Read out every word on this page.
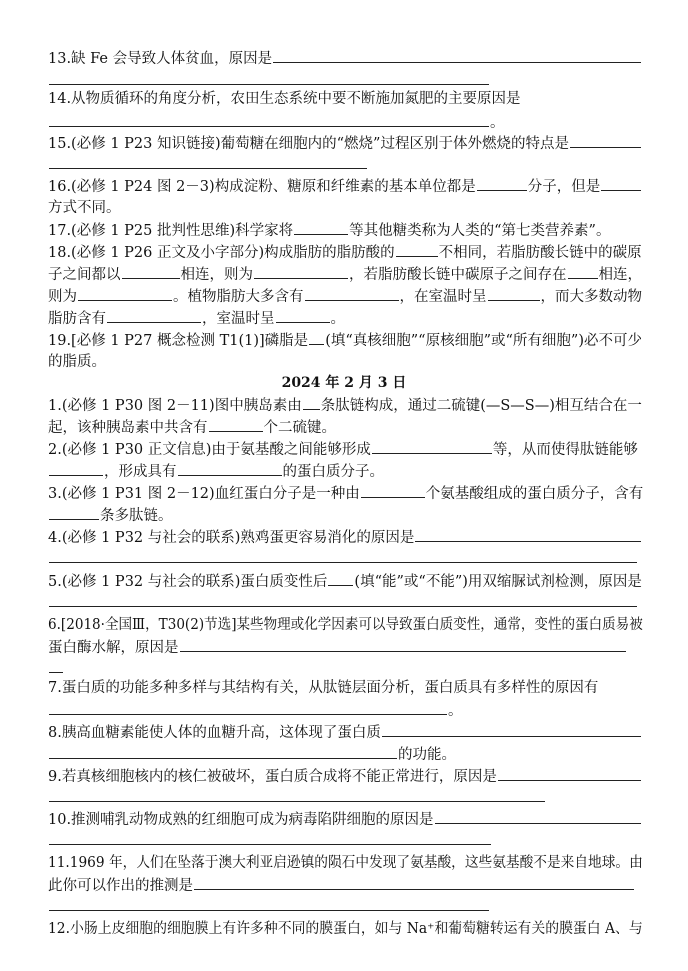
13.缺 Fe 会导致人体贫血，原因是
14.从物质循环的角度分析，农田生态系统中要不断施加氮肥的主要原因是
。
15.(必修 1 P23 知识链接)葡萄糖在细胞内的“燃烧”过程区别于体外燃烧的特点是
16.(必修 1 P24 图 2－3)构成淀粉、糖原和纤维素的基本单位都是	分子，但是
方式不同。
17.(必修 1 P25 批判性思维)科学家将	等其他糖类称为人类的“第七类营养素”。
18.(必修 1 P26 正文及小字部分)构成脂肪的脂肪酸的	不相同，若脂肪酸长链中的碳原
子之间都以	相连，则为	，若脂肪酸长链中碳原子之间存在 相连，
则为	。植物脂肪大多含有	，在室温时呈	，而大多数动物
脂肪含有	，室温时呈	。
19.[必修 1 P27 概念检测 T1(1)]磷脂是 (填“真核细胞”“原核细胞”或“所有细胞”)必不可少
的脂质。
2024 年 2 月 3 日
1.(必修 1 P30 图 2－11)图中胰岛素由 条肽链构成，通过二硫键(—S—S—)相互结合在一
起，该种胰岛素中共含有	个二硫键。
2.(必修 1 P30 正文信息)由于氨基酸之间能够形成	等，从而使得肽链能够
，形成具有	的蛋白质分子。
3.(必修 1 P31 图 2－12)血红蛋白分子是一种由	个氨基酸组成的蛋白质分子，含有
条多肽链。
4.(必修 1 P32 与社会的联系)熟鸡蛋更容易消化的原因是
5.(必修 1 P32 与社会的联系)蛋白质变性后 (填“能”或“不能”)用双缩脲试剂检测，原因是
6.[2018·全国Ⅲ，T30(2)节选]某些物理或化学因素可以导致蛋白质变性，通常，变性的蛋白质易被
蛋白酶水解，原因是
7.蛋白质的功能多种多样与其结构有关，从肽链层面分析，蛋白质具有多样性的原因有
。
8.胰高血糖素能使人体的血糖升高，这体现了蛋白质
的功能。
9.若真核细胞核内的核仁被破坏，蛋白质合成将不能正常进行，原因是
10.推测哺乳动物成熟的红细胞可成为病毒陷阱细胞的原因是
11.1969 年，人们在坠落于澳大利亚启逊镇的陨石中发现了氨基酸，这些氨基酸不是来自地球。由
此你可以作出的推测是
12.小肠上皮细胞的细胞膜上有许多种不同的膜蛋白，如与 Na⁺和葡萄糖转运有关的膜蛋白 A、与
